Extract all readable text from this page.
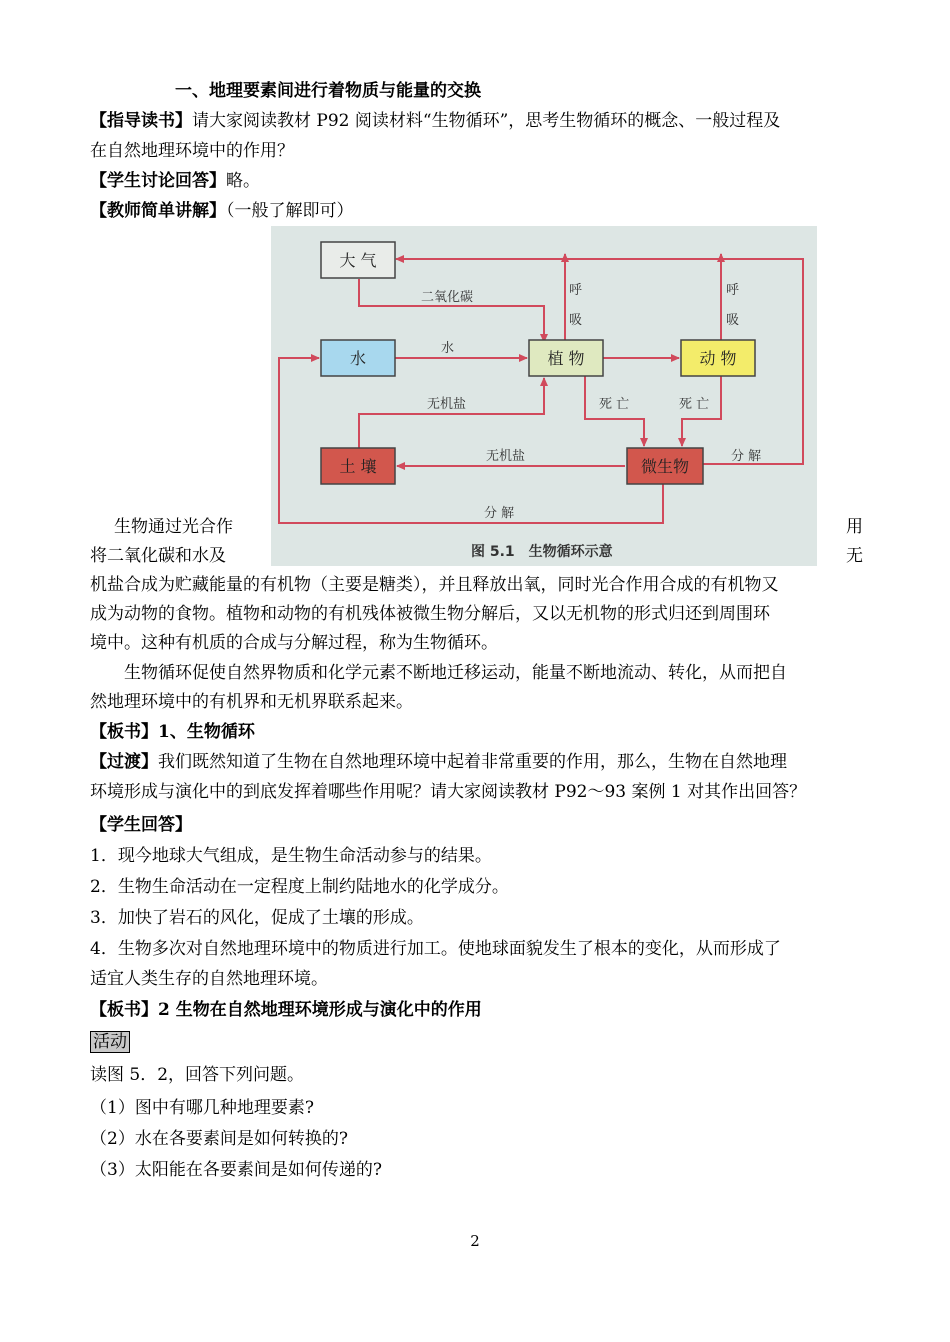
一、地理要素间进行着物质与能量的交换
【指导读书】请大家阅读教材 P92 阅读材料“生物循环”，思考生物循环的概念、一般过程及
在自然地理环境中的作用？
【学生讨论回答】略。
【教师简单讲解】（一般了解即可）
大 气
水	植 物	动 物
土 壤	微生物
二氧化碳	呼
吸
呼
吸
水
无机盐	死 亡	死 亡
无机盐	分 解
分 解
图 5.1　生物循环示意
生物通过光合作	用
将二氧化碳和水及	无
机盐合成为贮藏能量的有机物（主要是糖类），并且释放出氧，同时光合作用合成的有机物又
成为动物的食物。植物和动物的有机残体被微生物分解后，又以无机物的形式归还到周围环
境中。这种有机质的合成与分解过程，称为生物循环。
生物循环促使自然界物质和化学元素不断地迁移运动，能量不断地流动、转化，从而把自
然地理环境中的有机界和无机界联系起来。
【板书】1、生物循环
【过渡】我们既然知道了生物在自然地理环境中起着非常重要的作用，那么，生物在自然地理
环境形成与演化中的到底发挥着哪些作用呢？请大家阅读教材 P92～93 案例 1 对其作出回答？
【学生回答】
1．现今地球大气组成，是生物生命活动参与的结果。
2．生物生命活动在一定程度上制约陆地水的化学成分。
3．加快了岩石的风化，促成了土壤的形成。
4．生物多次对自然地理环境中的物质进行加工。使地球面貌发生了根本的变化，从而形成了
适宜人类生存的自然地理环境。
【板书】2 生物在自然地理环境形成与演化中的作用
活动
读图 5．2，回答下列问题。
（1）图中有哪几种地理要素?
（2）水在各要素间是如何转换的?
（3）太阳能在各要素间是如何传递的?
2
